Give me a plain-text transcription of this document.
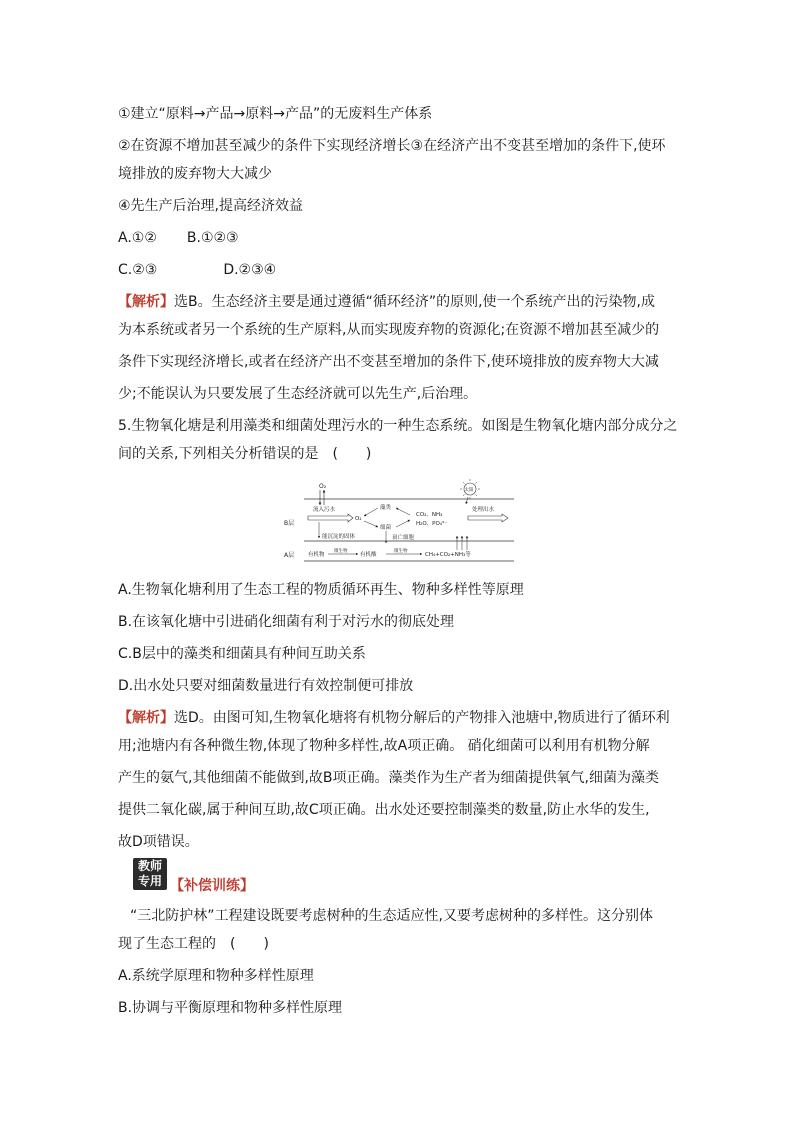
①建立“原料→产品→原料→产品”的无废料生产体系
②在资源不增加甚至减少的条件下实现经济增长③在经济产出不变甚至增加的条件下,使环
境排放的废弃物大大减少
④先生产后治理,提高经济效益
A.①② B.①②③
C.②③	D.②③④
【解析】选B。生态经济主要是通过遵循“循环经济”的原则,使一个系统产出的污染物,成
为本系统或者另一个系统的生产原料,从而实现废弃物的资源化;在资源不增加甚至减少的
条件下实现经济增长,或者在经济产出不变甚至增加的条件下,使环境排放的废弃物大大减
少;不能误认为只要发展了生态经济就可以先生产,后治理。
5.生物氧化塘是利用藻类和细菌处理污水的一种生态系统。如图是生物氧化塘内部分成分之
间的关系,下列相关分析错误的是　(　　)
O₂
太阳
B层
A层
流入污水
O₂
藻类
细菌
CO₂、NH₃
H₂O、PO₄³⁻
处理出水
能沉淀的固体	衰亡细胞
有机物
微生物
有机酸
微生物
CH₄+CO₂+NH₃等
A.生物氧化塘利用了生态工程的物质循环再生、物种多样性等原理
B.在该氧化塘中引进硝化细菌有利于对污水的彻底处理
C.B层中的藻类和细菌具有种间互助关系
D.出水处只要对细菌数量进行有效控制便可排放
【解析】选D。由图可知,生物氧化塘将有机物分解后的产物排入池塘中,物质进行了循环利
用;池塘内有各种微生物,体现了物种多样性,故A项正确。 硝化细菌可以利用有机物分解
产生的氨气,其他细菌不能做到,故B项正确。藻类作为生产者为细菌提供氧气,细菌为藻类
提供二氧化碳,属于种间互助,故C项正确。出水处还要控制藻类的数量,防止水华的发生,
故D项错误。
教师
专用 【补偿训练】
“三北防护林”工程建设既要考虑树种的生态适应性,又要考虑树种的多样性。这分别体
现了生态工程的　(　　)
A.系统学原理和物种多样性原理
B.协调与平衡原理和物种多样性原理
